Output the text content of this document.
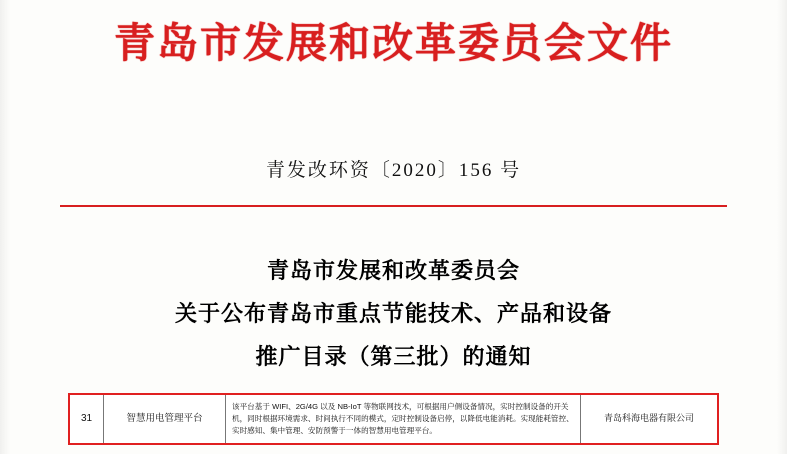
青岛市发展和改革委员会文件
青发改环资〔2020〕156 号
青岛市发展和改革委员会
关于公布青岛市重点节能技术、产品和设备
推广目录（第三批）的通知
31	智慧用电管理平台
该平台基于 WIFI、2G/4G 以及 NB-IoT 等物联网技术，可根据用户侧设备情况，实时控制设备的开关机，同时根据环境需求、时间执行不同的模式，定时控制设备启停，以降低电能消耗。实现能耗管控、实时感知、集中管理、安防预警于一体的智慧用电管理平台。
青岛科海电器有限公司
